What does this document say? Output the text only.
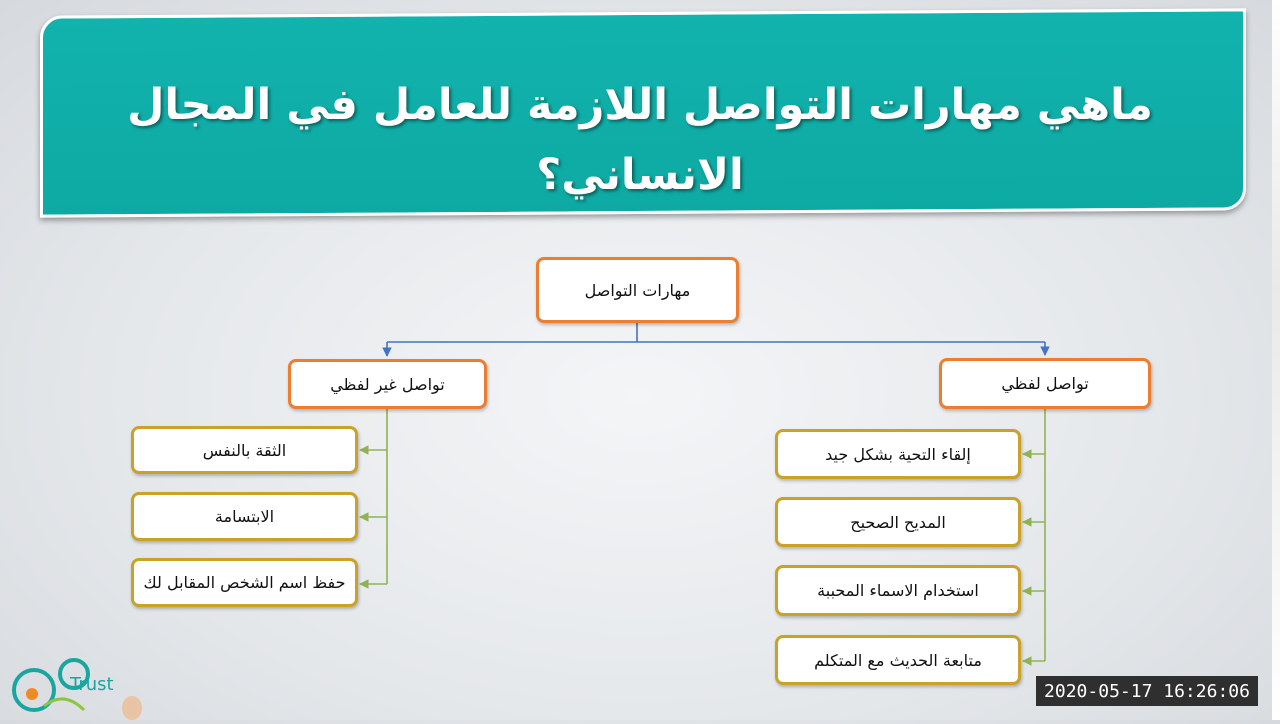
ماهي مهارات التواصل اللازمة للعامل في المجال الانساني؟
مهارات التواصل
تواصل غير لفظي
الثقة بالنفس
الابتسامة
حفظ اسم الشخص المقابل لك
تواصل لفظي
إلقاء التحية بشكل جيد
المديح الصحيح
استخدام الاسماء المحببة
متابعة الحديث مع المتكلم
Trust	2020-05-17 16:26:06
